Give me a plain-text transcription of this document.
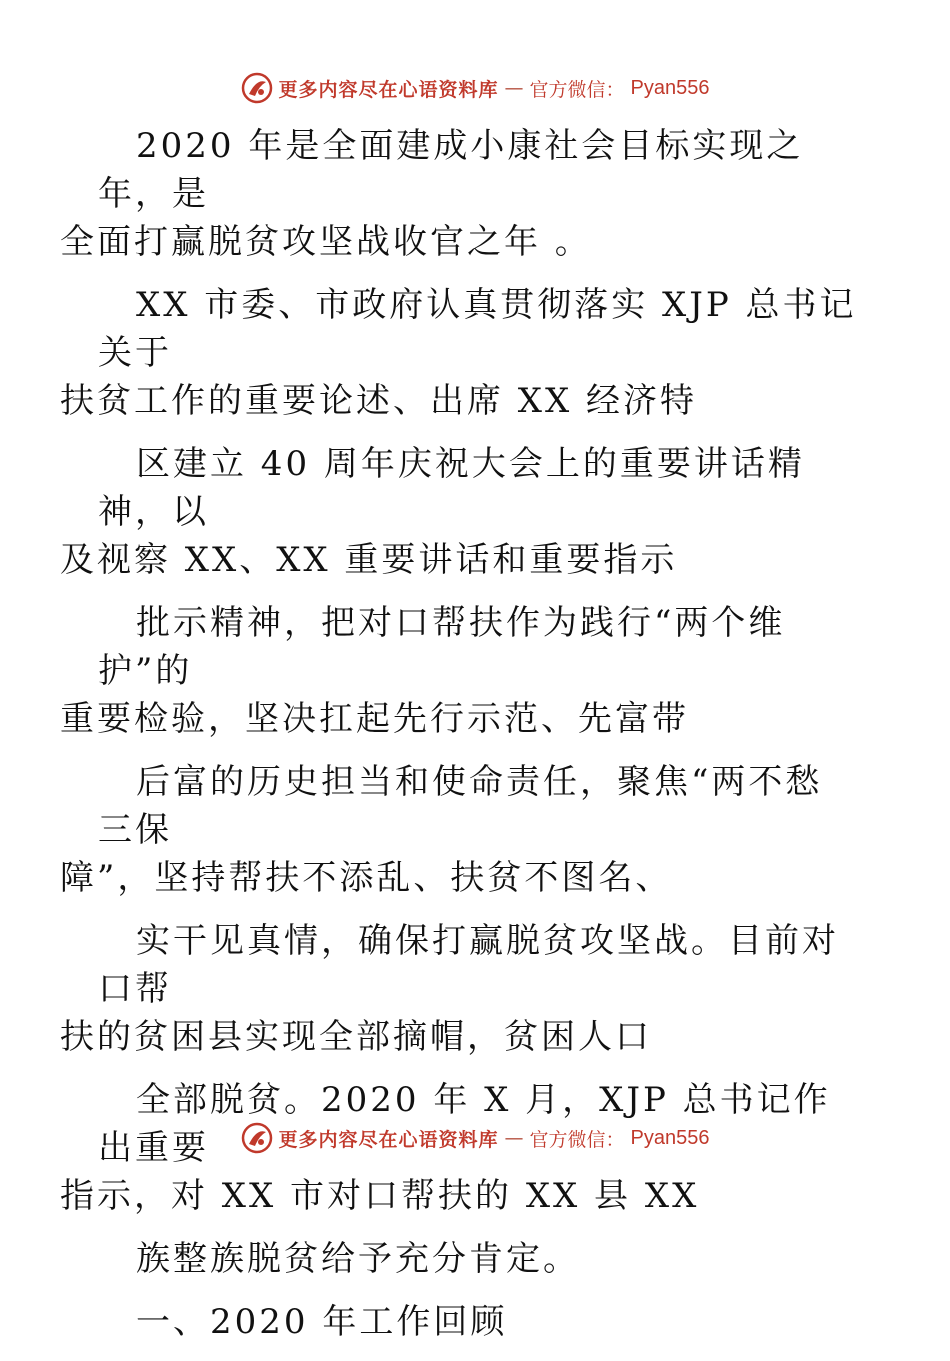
更多内容尽在心语资料库 — 官方微信： Pyan556

2020 年是全面建成小康社会目标实现之年，是
全面打赢脱贫攻坚战收官之年 。

XX 市委、市政府认真贯彻落实 XJP 总书记关于
扶贫工作的重要论述、出席 XX 经济特

区建立 40 周年庆祝大会上的重要讲话精神，以
及视察 XX、XX 重要讲话和重要指示

批示精神，把对口帮扶作为践行“两个维护”的
重要检验，坚决扛起先行示范、先富带

后富的历史担当和使命责任，聚焦“两不愁三保
障”，坚持帮扶不添乱、扶贫不图名、

实干见真情，确保打赢脱贫攻坚战。目前对口帮
扶的贫困县实现全部摘帽，贫困人口

全部脱贫。2020 年 X 月，XJP 总书记作出重要
指示，对 XX 市对口帮扶的 XX 县 XX

族整族脱贫给予充分肯定。

一、2020 年工作回顾

更多内容尽在心语资料库 — 官方微信： Pyan556
